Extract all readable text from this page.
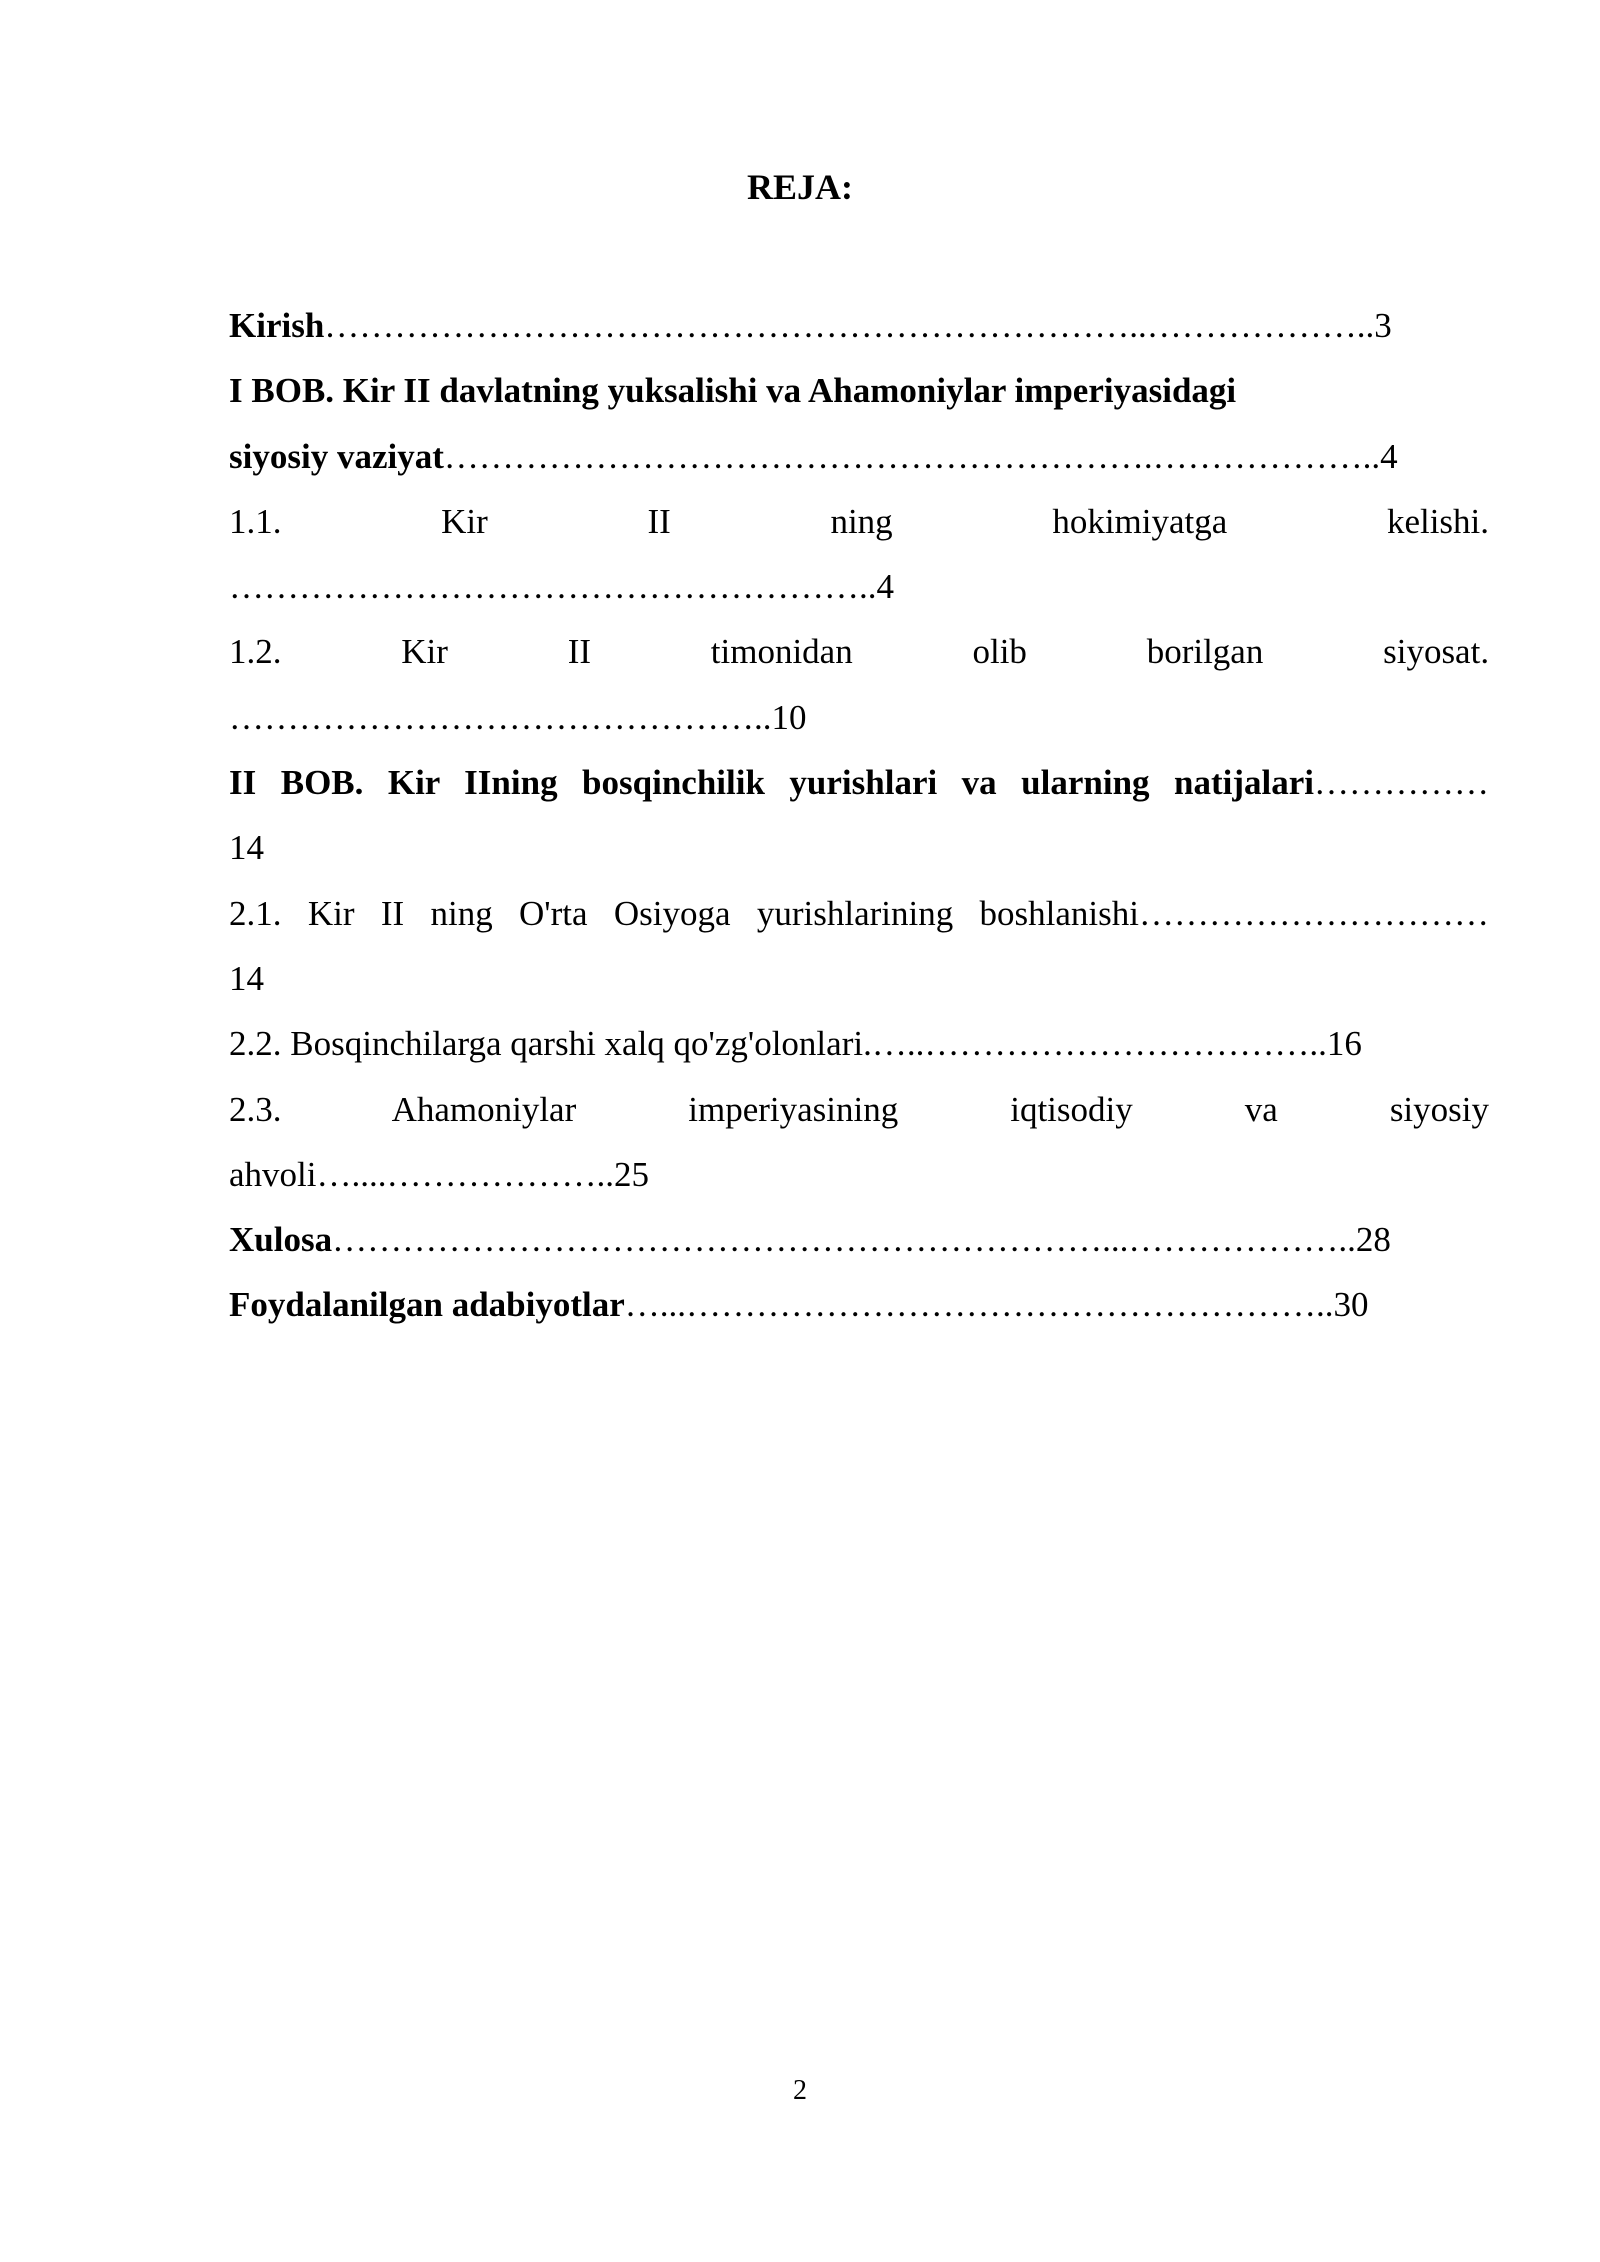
REJA:
Kirish……………………………………………………………..………………..3
I BOB. Kir II davlatning yuksalishi va Ahamoniylar imperiyasidagi
siyosiy vaziyat…………………………………………………….………………..4
1.1.	Kir	II	ning	hokimiyatga	kelishi.
………………………………………………..4
1.2.	Kir	II	timonidan	olib	borilgan	siyosat.
………………………………………..10
II BOB. Kir IIning bosqinchilik yurishlari va ularning natijalari……………
14
2.1. Kir II ning O'rta Osiyoga yurishlarining boshlanishi…………………………
14
2.2. Bosqinchilarga qarshi xalq qo'zg'olonlari.…..……………………………..16
2.3.	Ahamoniylar	imperiyasining	iqtisodiy	va	siyosiy
ahvoli…....………………..25
Xulosa…………………………………………………………...………………..28
Foydalanilgan adabiyotlar…...………………………………………………..30
2
